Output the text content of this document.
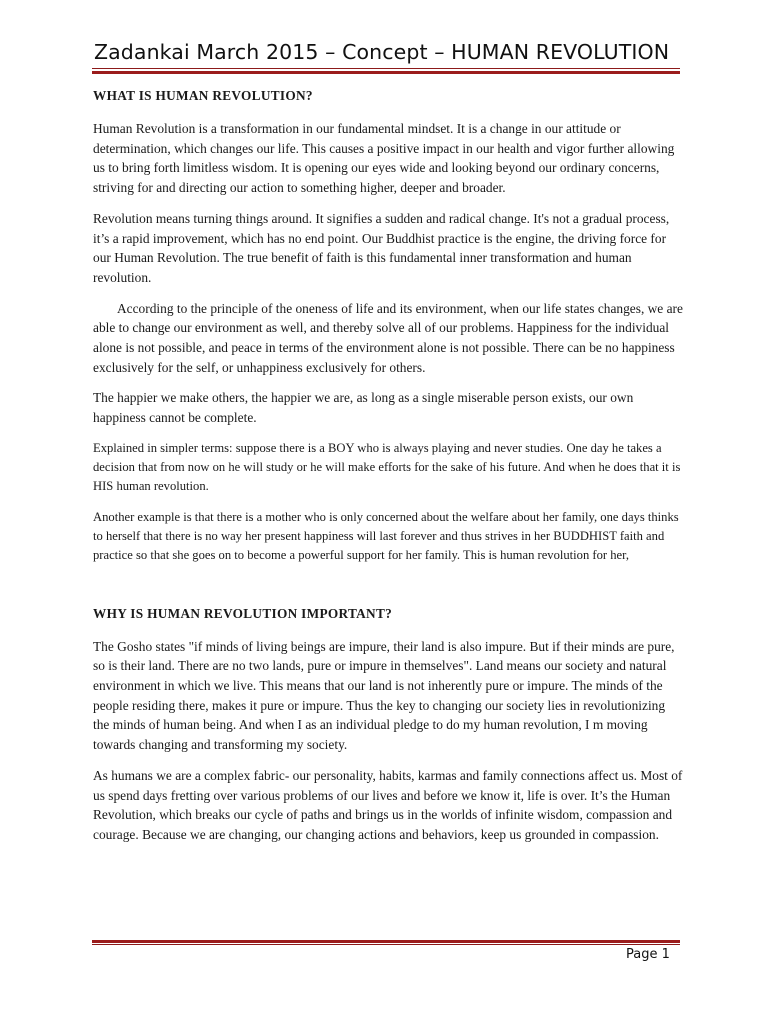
Zadankai March 2015 – Concept – HUMAN REVOLUTION
WHAT IS HUMAN REVOLUTION?

Human Revolution is a transformation in our fundamental mindset. It is a change in our attitude or determination, which changes our life. This causes a positive impact in our health and vigor further allowing us to bring forth limitless wisdom. It is opening our eyes wide and looking beyond our ordinary concerns, striving for and directing our action to something higher, deeper and broader.

Revolution means turning things around. It signifies a sudden and radical change. It's not a gradual process, it’s a rapid improvement, which has no end point. Our Buddhist practice is the engine, the driving force for our Human Revolution. The true benefit of faith is this fundamental inner transformation and human revolution.

According to the principle of the oneness of life and its environment, when our life states changes, we are able to change our environment as well, and thereby solve all of our problems. Happiness for the individual alone is not possible, and peace in terms of the environment alone is not possible. There can be no happiness exclusively for the self, or unhappiness exclusively for others.

The happier we make others, the happier we are, as long as a single miserable person exists, our own happiness cannot be complete.

Explained in simpler terms: suppose there is a BOY who is always playing and never studies. One day he takes a decision that from now on he will study or he will make efforts for the sake of his future. And when he does that it is HIS human revolution.

Another example is that there is a mother who is only concerned about the welfare about her family, one days thinks to herself that there is no way her present happiness will last forever and thus strives in her BUDDHIST faith and practice so that she goes on to become a powerful support for her family. This is human revolution for her,

WHY IS HUMAN REVOLUTION IMPORTANT?

The Gosho states "if minds of living beings are impure, their land is also impure. But if their minds are pure, so is their land. There are no two lands, pure or impure in themselves". Land means our society and natural environment in which we live. This means that our land is not inherently pure or impure. The minds of the people residing there, makes it pure or impure. Thus the key to changing our society lies in revolutionizing the minds of human being. And when I as an individual pledge to do my human revolution, I m moving towards changing and transforming my society.

As humans we are a complex fabric- our personality, habits, karmas and family connections affect us. Most of us spend days fretting over various problems of our lives and before we know it, life is over. It’s the Human Revolution, which breaks our cycle of paths and brings us in the worlds of infinite wisdom, compassion and courage. Because we are changing, our changing actions and behaviors, keep us grounded in compassion.

Page 1
